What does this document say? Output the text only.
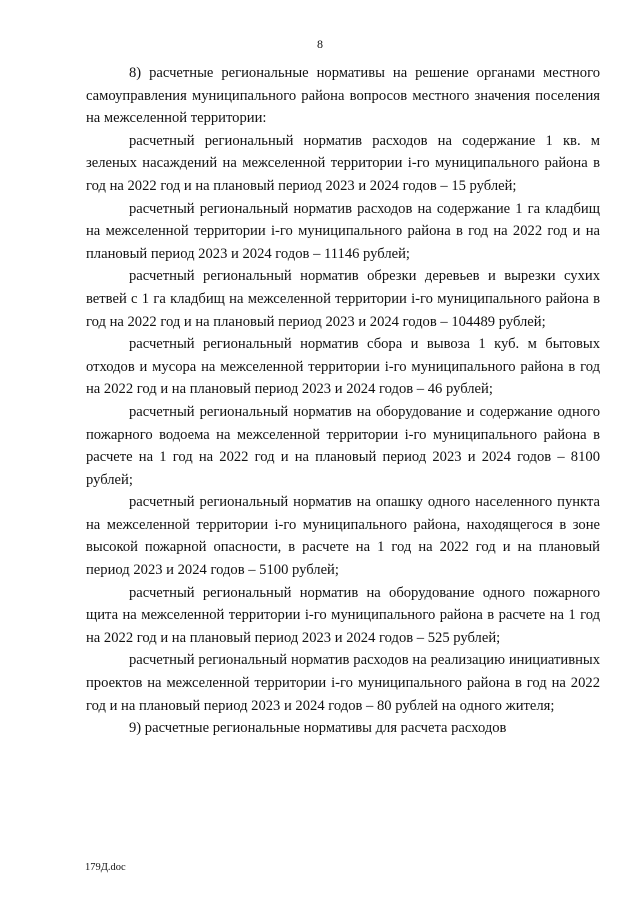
8

8) расчетные региональные нормативы на решение органами местного самоуправления муниципального района вопросов местного значения поселения на межселенной территории:

расчетный региональный норматив расходов на содержание 1 кв. м зеленых насаждений на межселенной территории i-го муниципального района в год на 2022 год и на плановый период 2023 и 2024 годов – 15 рублей;

расчетный региональный норматив расходов на содержание 1 га кладбищ на межселенной территории i-го муниципального района в год на 2022 год и на плановый период 2023 и 2024 годов – 11146 рублей;

расчетный региональный норматив обрезки деревьев и вырезки сухих ветвей с 1 га кладбищ на межселенной территории i-го муниципального района в год на 2022 год и на плановый период 2023 и 2024 годов – 104489 рублей;

расчетный региональный норматив сбора и вывоза 1 куб. м бытовых отходов и мусора на межселенной территории i-го муниципального района в год на 2022 год и на плановый период 2023 и 2024 годов – 46 рублей;

расчетный региональный норматив на оборудование и содержание одного пожарного водоема на межселенной территории i-го муниципального района в расчете на 1 год на 2022 год и на плановый период 2023 и 2024 годов – 8100 рублей;

расчетный региональный норматив на опашку одного населенного пункта на межселенной территории i-го муниципального района, находящегося в зоне высокой пожарной опасности, в расчете на 1 год на 2022 год и на плановый период 2023 и 2024 годов – 5100 рублей;

расчетный региональный норматив на оборудование одного пожарного щита на межселенной территории i-го муниципального района в расчете на 1 год на 2022 год и на плановый период 2023 и 2024 годов – 525 рублей;

расчетный региональный норматив расходов на реализацию инициативных проектов на межселенной территории i-го муниципального района в год на 2022 год и на плановый период 2023 и 2024 годов – 80 рублей на одного жителя;

9) расчетные региональные нормативы для расчета расходов

179Д.doc
